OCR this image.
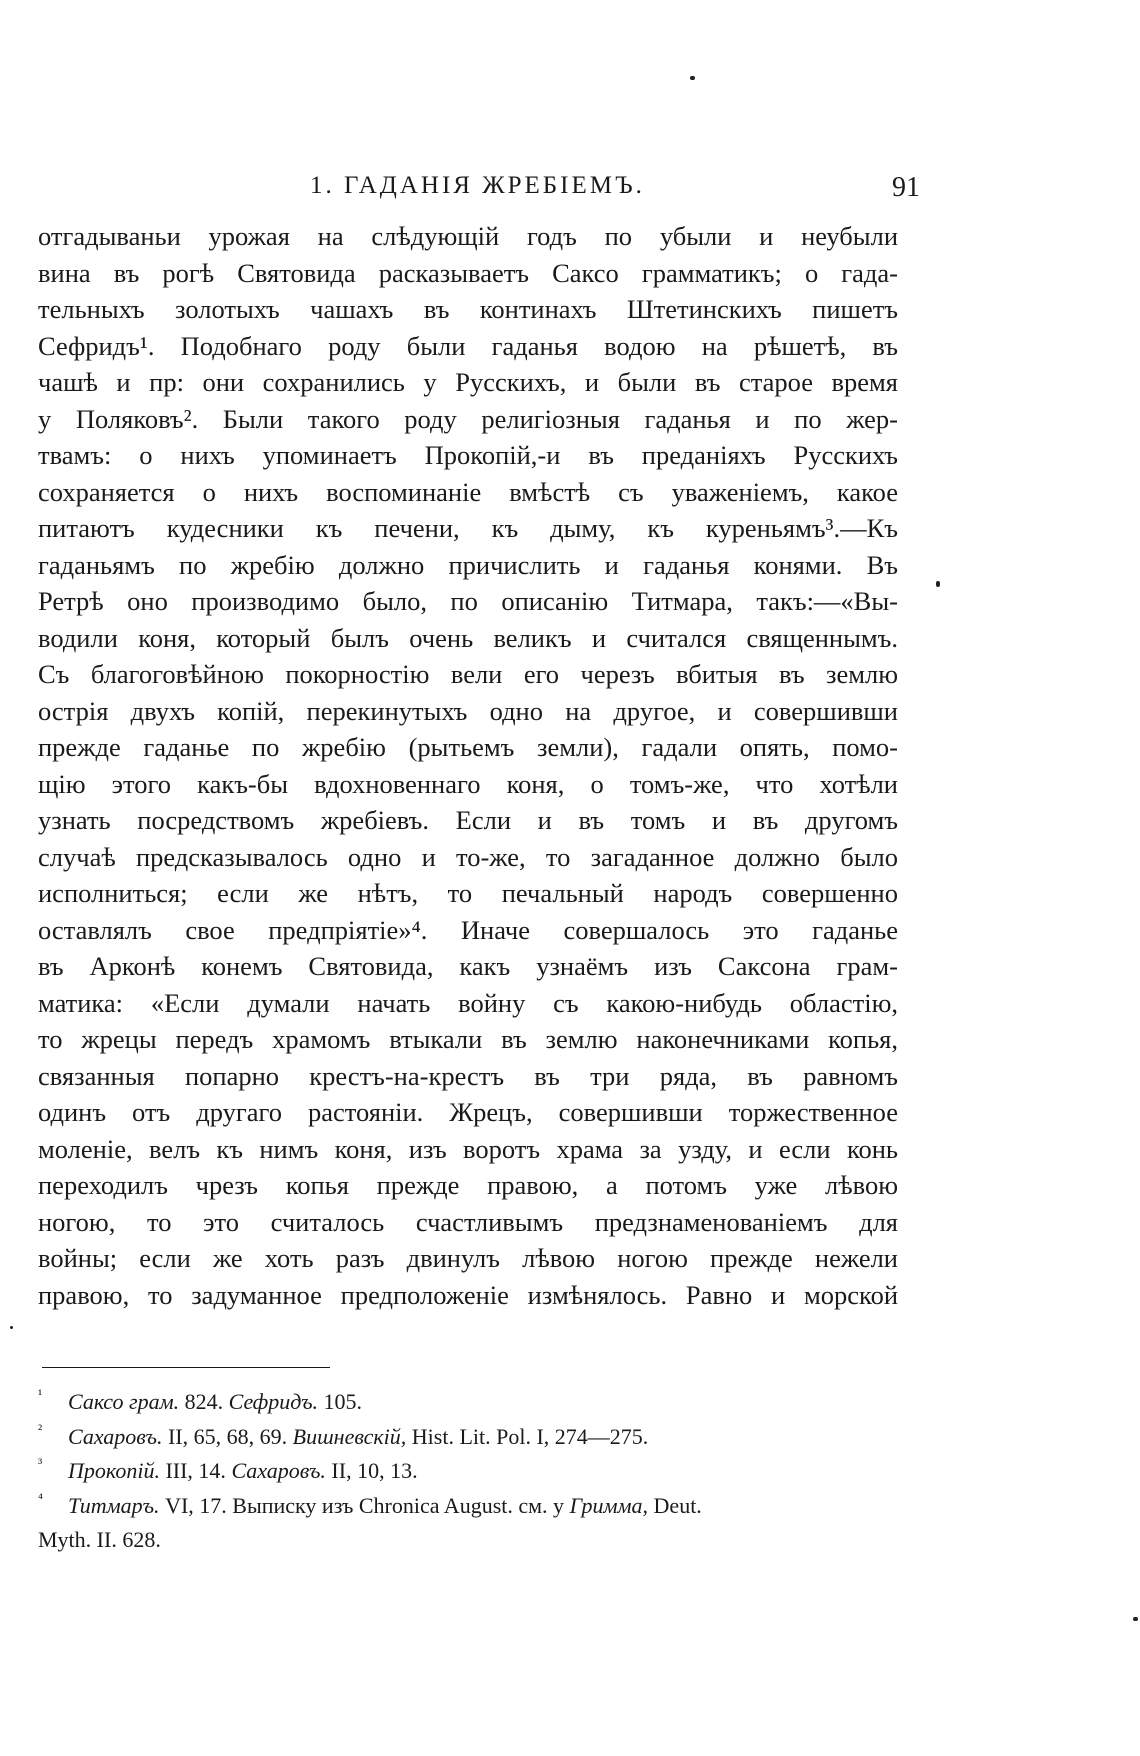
1. ГАДАНІЯ ЖРЕБІЕМЪ.	91
отгадываньи урожая на слѣдующій годъ по убыли и неубыли
вина въ рогѣ Святовида расказываетъ Саксо грамматикъ; о гада-
тельныхъ золотыхъ чашахъ въ континахъ Штетинскихъ пишетъ
Сефридъ¹. Подобнаго роду были гаданья водою на рѣшетѣ, въ
чашѣ и пр: они сохранились у Русскихъ, и были въ старое время
у Поляковъ². Были такого роду религіозныя гаданья и по жер-
твамъ: о нихъ упоминаетъ Прокопій,-и въ преданіяхъ Русскихъ
сохраняется о нихъ воспоминаніе вмѣстѣ съ уваженіемъ, какое
питаютъ кудесники къ печени, къ дыму, къ куреньямъ³.—Къ
гаданьямъ по жребію должно причислить и гаданья конями. Въ
Ретрѣ оно производимо было, по описанію Титмара, такъ:—«Вы-
водили коня, который былъ очень великъ и считался священнымъ.
Съ благоговѣйною покорностію вели его черезъ вбитыя въ землю
острія двухъ копій, перекинутыхъ одно на другое, и совершивши
прежде гаданье по жребію (рытьемъ земли), гадали опять, помо-
щію этого какъ-бы вдохновеннаго коня, о томъ-же, что хотѣли
узнать посредствомъ жребіевъ. Если и въ томъ и въ другомъ
случаѣ предсказывалось одно и то-же, то загаданное должно было
исполниться; если же нѣтъ, то печальный народъ совершенно
оставлялъ свое предпріятіе»⁴. Иначе совершалось это гаданье
въ Арконѣ конемъ Святовида, какъ узнаёмъ изъ Саксона грам-
матика: «Если думали начать войну съ какою-нибудь областію,
то жрецы передъ храмомъ втыкали въ землю наконечниками копья,
связанныя попарно крестъ-на-крестъ въ три ряда, въ равномъ
одинъ отъ другаго растояніи. Жрецъ, совершивши торжественное
моленіе, велъ къ нимъ коня, изъ воротъ храма за узду, и если конь
переходилъ чрезъ копья прежде правою, а потомъ уже лѣвою
ногою, то это считалось счастливымъ предзнаменованіемъ для
войны; если же хоть разъ двинулъ лѣвою ногою прежде нежели
правою, то задуманное предположеніе измѣнялось. Равно и морской
¹ Саксо грам. 824. Сефридъ. 105.
² Сахаровъ. II, 65, 68, 69. Вишневскій, Hist. Lit. Pol. I, 274—275.
³ Прокопій. III, 14. Сахаровъ. II, 10, 13.
⁴ Титмаръ. VI, 17. Выписку изъ Chronica August. см. у Гримма, Deut.
Myth. II. 628.
